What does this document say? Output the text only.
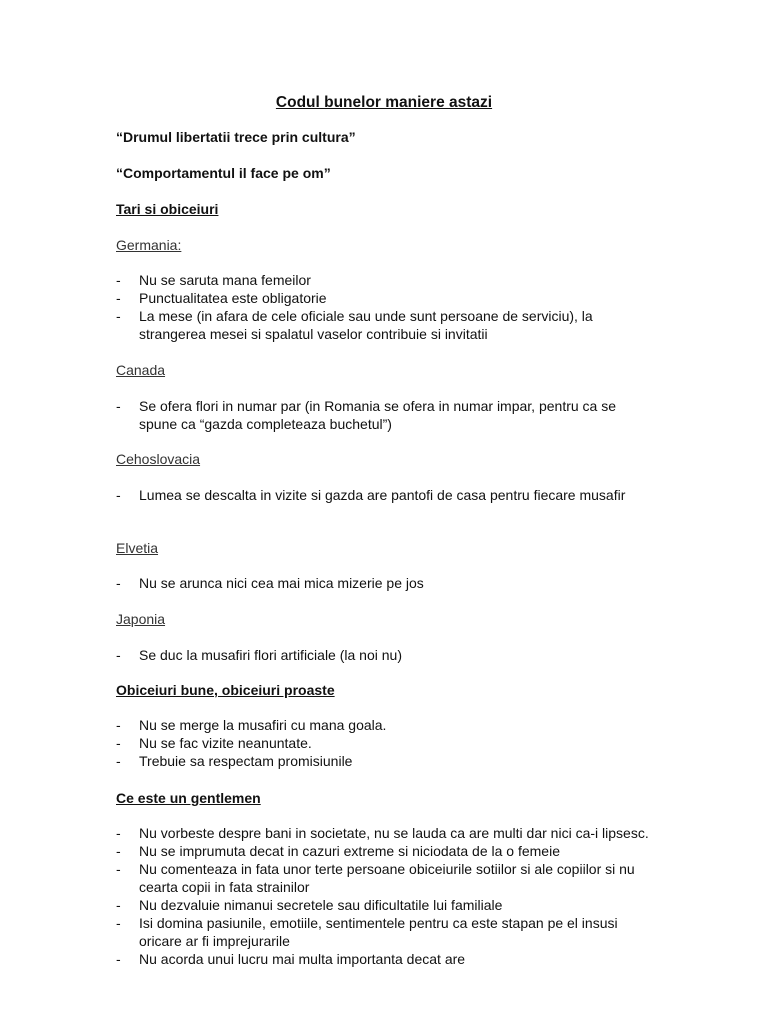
Codul bunelor maniere astazi

“Drumul libertatii trece prin cultura”

“Comportamentul il face pe om”

Tari si obiceiuri

Germania:

- Nu se saruta mana femeilor
- Punctualitatea este obligatorie
- La mese (in afara de cele oficiale sau unde sunt persoane de serviciu), la strangerea mesei si spalatul vaselor contribuie si invitatii

Canada

- Se ofera flori in numar par (in Romania se ofera in numar impar, pentru ca se spune ca “gazda completeaza buchetul”)

Cehoslovacia

- Lumea se descalta in vizite si gazda are pantofi de casa pentru fiecare musafir

Elvetia

- Nu se arunca nici cea mai mica mizerie pe jos

Japonia

- Se duc la musafiri flori artificiale (la noi nu)

Obiceiuri bune, obiceiuri proaste

- Nu se merge la musafiri cu mana goala.
- Nu se fac vizite neanuntate.
- Trebuie sa respectam promisiunile

Ce este un gentlemen

- Nu vorbeste despre bani in societate, nu se lauda ca are multi dar nici ca-i lipsesc.
- Nu se imprumuta decat in cazuri extreme si niciodata de la o femeie
- Nu comenteaza in fata unor terte persoane obiceiurile sotiilor si ale copiilor si nu cearta copii in fata strainilor
- Nu dezvaluie nimanui secretele sau dificultatile lui familiale
- Isi domina pasiunile, emotiile, sentimentele pentru ca este stapan pe el insusi oricare ar fi imprejurarile
- Nu acorda unui lucru mai multa importanta decat are
